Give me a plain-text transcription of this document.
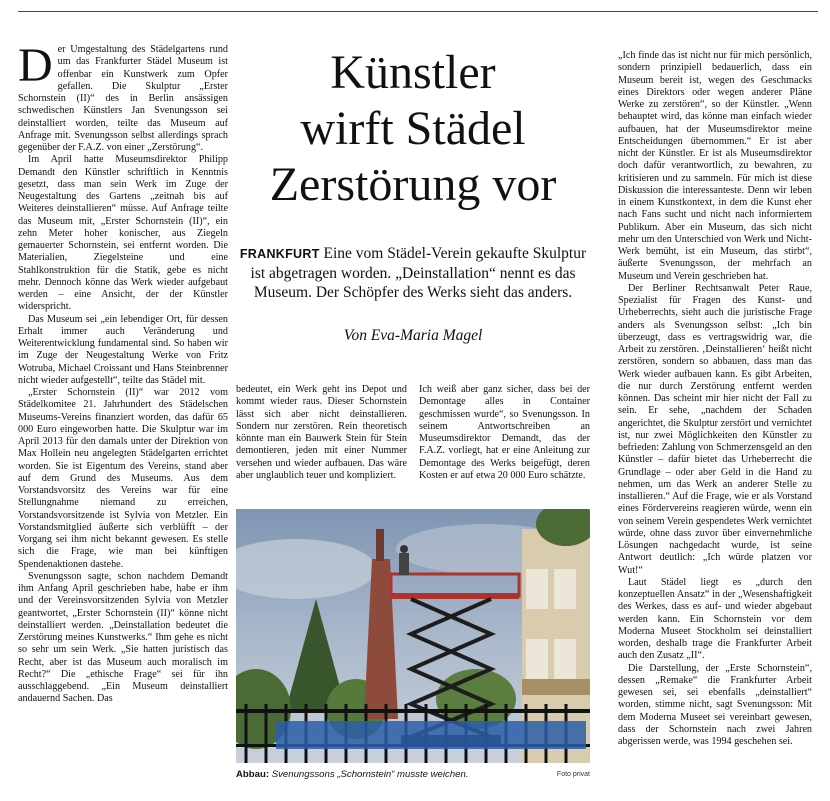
Der Umgestaltung des Städelgartens rund um das Frankfurter Städel Museum ist offenbar ein Kunstwerk zum Opfer gefallen. Die Skulptur „Erster Schornstein (II)“ des in Berlin ansässigen schwedischen Künstlers Jan Svenungsson sei deinstalliert worden, teilte das Museum auf Anfrage mit. Svenungsson selbst allerdings sprach gegenüber der F.A.Z. von einer „Zerstörung“.

Im April hatte Museumsdirektor Philipp Demandt den Künstler schriftlich in Kenntnis gesetzt, dass man sein Werk im Zuge der Neugestaltung des Gartens „zeitnah bis auf Weiteres deinstallieren“ müsse. Auf Anfrage teilte das Museum mit, „Erster Schornstein (II)“, ein zehn Meter hoher konischer, aus Ziegeln gemauerter Schornstein, sei entfernt worden. Die Materialien, Ziegelsteine und eine Stahlkonstruktion für die Statik, gebe es nicht mehr. Dennoch könne das Werk wieder aufgebaut werden – eine Ansicht, der der Künstler widerspricht.

Das Museum sei „ein lebendiger Ort, für dessen Erhalt immer auch Veränderung und Weiterentwicklung fundamental sind. So haben wir im Zuge der Neugestaltung Werke von Fritz Wotruba, Michael Croissant und Hans Steinbrenner nicht wieder aufgestellt“, teilte das Städel mit.

„Erster Schornstein (II)“ war 2012 vom Städelkomitee 21. Jahrhundert des Städelschen Museums-Vereins finanziert worden, das dafür 65 000 Euro eingeworben hatte. Die Skulptur war im April 2013 für den damals unter der Direktion von Max Hollein neu angelegten Städelgarten errichtet worden. Sie ist Eigentum des Vereins, stand aber auf dem Grund des Museums. Aus dem Vorstandsvorsitz des Vereins war für eine Stellungnahme niemand zu erreichen, Vorstandsvorsitzende ist Sylvia von Metzler. Ein Vorstandsmitglied äußerte sich verblüfft – der Vorgang sei ihm nicht bekannt gewesen. Es stelle sich die Frage, wie man bei künftigen Spendenaktionen dastehe.

Svenungsson sagte, schon nachdem Demandt ihm Anfang April geschrieben habe, habe er ihm und der Vereinsvorsitzenden Sylvia von Metzler geantwortet, „Erster Schornstein (II)“ könne nicht deinstalliert werden. „Deinstallation bedeutet die Zerstörung meines Kunstwerks.“ Ihm gehe es nicht so sehr um sein Werk. „Sie hatten juristisch das Recht, aber ist das Museum auch moralisch im Recht?“ Die „ethische Frage“ sei für ihn ausschlaggebend. „Ein Museum deinstalliert andauernd Sachen. Das

Künstler
wirft Städel
Zerstörung vor
FRANKFURT Eine vom Städel-Verein gekaufte Skulptur ist abgetragen worden. „Deinstallation“ nennt es das Museum. Der Schöpfer des Werks sieht das anders.
Von Eva-Maria Magel

bedeutet, ein Werk geht ins Depot und kommt wieder raus. Dieser Schornstein lässt sich aber nicht deinstallieren. Sondern nur zerstören. Rein theoretisch könnte man ein Bauwerk Stein für Stein demontieren, jeden mit einer Nummer versehen und wieder aufbauen. Das wäre aber unglaublich teuer und kompliziert.

Ich weiß aber ganz sicher, dass bei der Demontage alles in Container geschmissen wurde“, so Svenungsson. In seinem Antwortschreiben an Museumsdirektor Demandt, das der F.A.Z. vorliegt, hat er eine Anleitung zur Demontage des Werks beigefügt, deren Kosten er auf etwa 20 000 Euro schätzte.

Abbau: Svenungssons „Schornstein“ musste weichen.	Foto privat

„Ich finde das ist nicht nur für mich persönlich, sondern prinzipiell bedauerlich, dass ein Museum bereit ist, wegen des Geschmacks eines Direktors oder wegen anderer Pläne Werke zu zerstören“, so der Künstler. „Wenn behauptet wird, das könne man einfach wieder aufbauen, hat der Museumsdirektor meine Entscheidungen übernommen.“ Er ist aber nicht der Künstler. Er ist als Museumsdirektor doch dafür verantwortlich, zu bewahren, zu kritisieren und zu sammeln. Für mich ist diese Diskussion die interessanteste. Denn wir leben in einem Kunstkontext, in dem die Kunst eher nach Fans sucht und nicht nach informiertem Publikum. Aber ein Museum, das sich nicht mehr um den Unterschied von Werk und Nicht-Werk bemüht, ist ein Museum, das stirbt“, äußerte Svenungsson, der mehrfach an Museum und Verein geschrieben hat.

Der Berliner Rechtsanwalt Peter Raue, Spezialist für Fragen des Kunst- und Urheberrechts, sieht auch die juristische Frage anders als Svenungsson selbst: „Ich bin überzeugt, dass es vertragswidrig war, die Arbeit zu zerstören. ‚Deinstallieren‘ heißt nicht zerstören, sondern so abbauen, dass man das Werk wieder aufbauen kann. Es gibt Arbeiten, die nur durch Zerstörung entfernt werden können. Das scheint mir hier nicht der Fall zu sein. Er sehe, „nachdem der Schaden angerichtet, die Skulptur zerstört und vernichtet ist, nur zwei Möglichkeiten den Künstler zu befrieden: Zahlung von Schmerzensgeld an den Künstler – dafür bietet das Urheberrecht die Grundlage – oder aber Geld in die Hand zu nehmen, um das Werk an anderer Stelle zu installieren.“ Auf die Frage, wie er als Vorstand eines Fördervereins reagieren würde, wenn ein von seinem Verein gespendetes Werk vernichtet würde, ohne dass zuvor über einvernehmliche Lösungen nachgedacht wurde, ist seine Antwort deutlich: „Ich würde platzen vor Wut!“

Laut Städel liegt es „durch den konzeptuellen Ansatz“ in der „Wesenshaftigkeit des Werkes, dass es auf- und wieder abgebaut werden kann. Ein Schornstein vor dem Moderna Museet Stockholm sei deinstalliert worden, deshalb trage die Frankfurter Arbeit auch den Zusatz „II“.

Die Darstellung, der „Erste Schornstein“, dessen „Remake“ die Frankfurter Arbeit gewesen sei, sei ebenfalls „deinstalliert“ worden, stimme nicht, sagt Svenungsson: Mit dem Moderna Museet sei vereinbart gewesen, dass der Schornstein nach zwei Jahren abgerissen werde, was 1994 geschehen sei.
